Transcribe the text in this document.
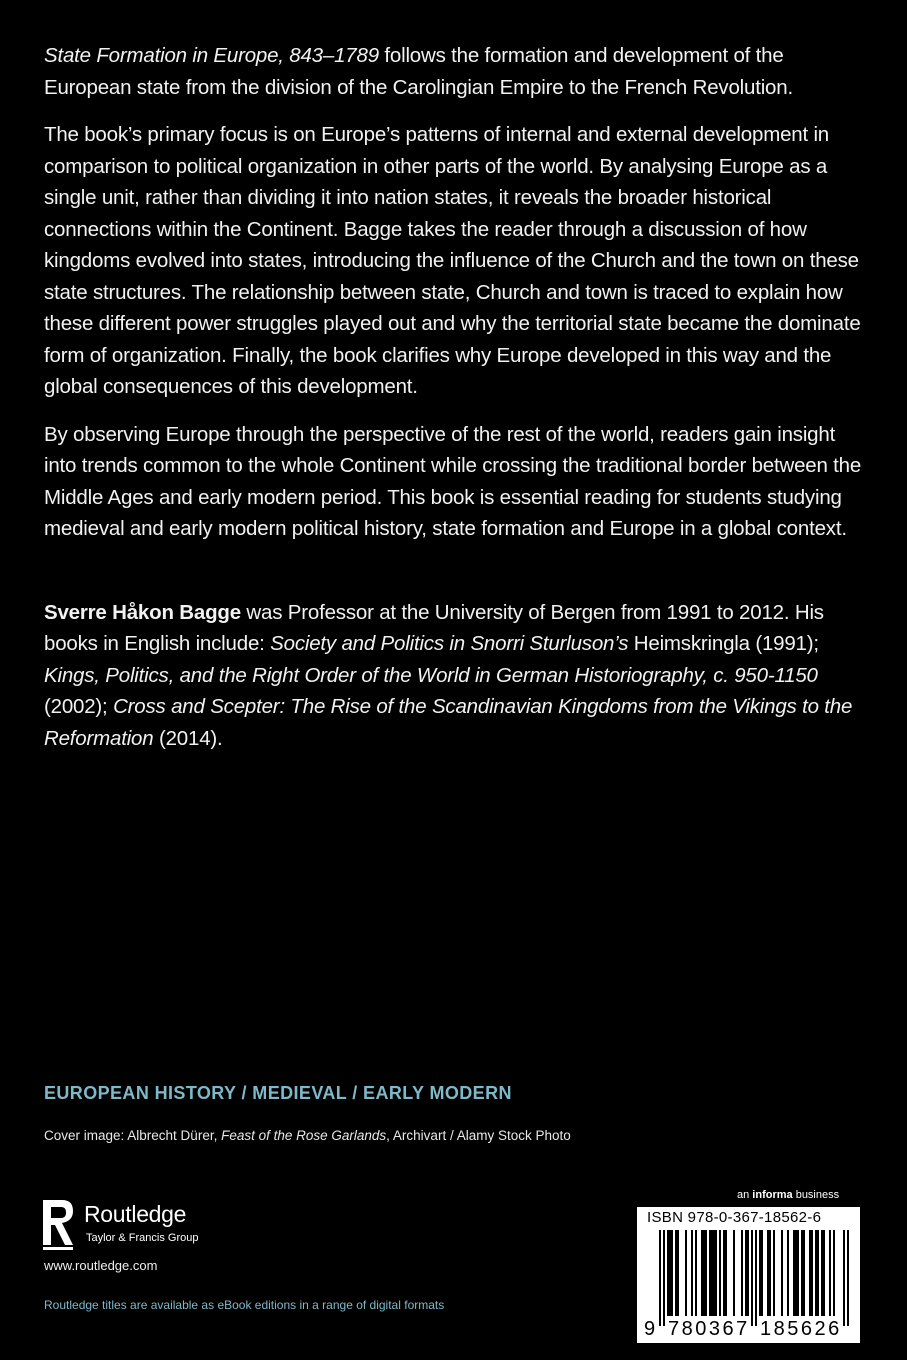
State Formation in Europe, 843–1789 follows the formation and development of the European state from the division of the Carolingian Empire to the French Revolution.

The book’s primary focus is on Europe’s patterns of internal and external development in comparison to political organization in other parts of the world. By analysing Europe as a single unit, rather than dividing it into nation states, it reveals the broader historical connections within the Continent. Bagge takes the reader through a discussion of how kingdoms evolved into states, introducing the influence of the Church and the town on these state structures. The relationship between state, Church and town is traced to explain how these different power struggles played out and why the territorial state became the dominate form of organization. Finally, the book clarifies why Europe developed in this way and the global consequences of this development.

By observing Europe through the perspective of the rest of the world, readers gain insight into trends common to the whole Continent while crossing the traditional border between the Middle Ages and early modern period. This book is essential reading for students studying medieval and early modern political history, state formation and Europe in a global context.

Sverre Håkon Bagge was Professor at the University of Bergen from 1991 to 2012. His books in English include: Society and Politics in Snorri Sturluson’s Heimskringla (1991); Kings, Politics, and the Right Order of the World in German Historiography, c. 950-1150 (2002); Cross and Scepter: The Rise of the Scandinavian Kingdoms from the Vikings to the Reformation (2014).

EUROPEAN HISTORY / MEDIEVAL / EARLY MODERN
Cover image: Albrecht Dürer, Feast of the Rose Garlands, Archivart / Alamy Stock Photo
Routledge
Taylor & Francis Group
www.routledge.com
Routledge titles are available as eBook editions in a range of digital formats
an informa business
ISBN 978-0-367-18562-6
9 780367 185626
